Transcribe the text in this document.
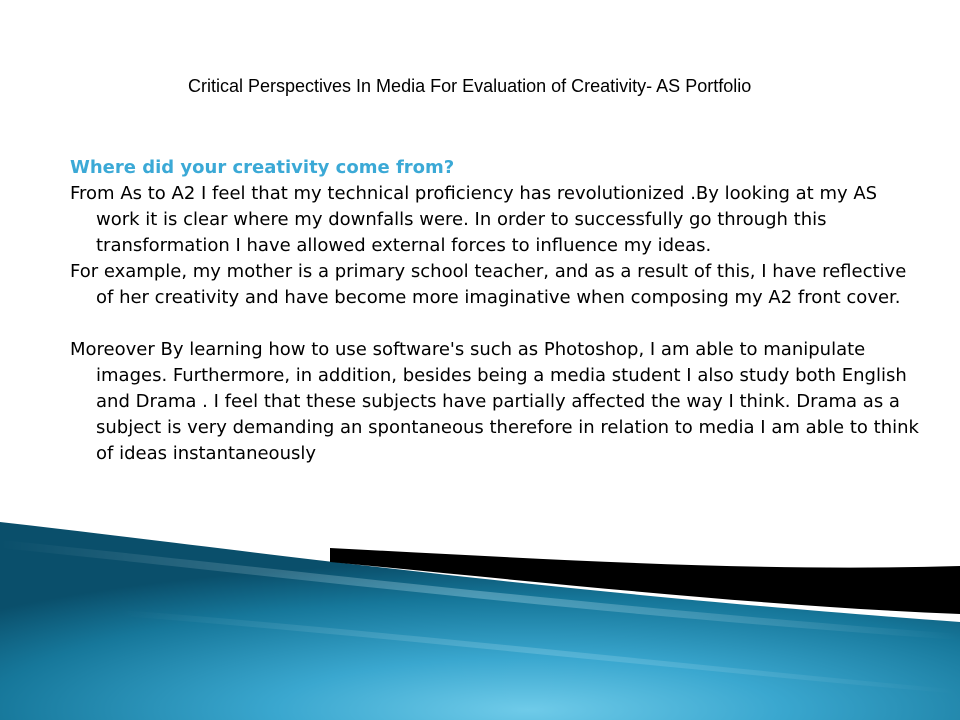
Critical Perspectives In Media For Evaluation of Creativity- AS Portfolio

Where did your creativity come from?

From As to A2 I feel that my technical proficiency has revolutionized .By looking at my AS work it is clear where my downfalls were. In order to successfully go through this transformation I have allowed external forces to influence my ideas.

For example, my mother is a primary school teacher, and as a result of this, I have reflective of her creativity and have become more imaginative when composing my A2 front cover.

Moreover By learning how to use software's such as Photoshop, I am able to manipulate images. Furthermore, in addition, besides being a media student I also study both English and Drama . I feel that these subjects have partially affected the way I think. Drama as a subject is very demanding an spontaneous therefore in relation to media I am able to think of ideas instantaneously
